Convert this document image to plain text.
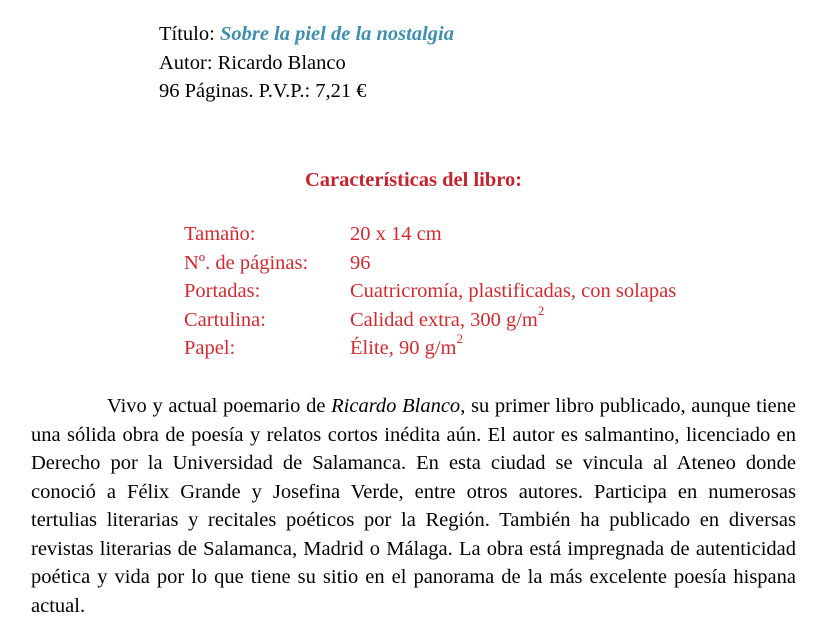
Título: Sobre la piel de la nostalgia
Autor: Ricardo Blanco
96 Páginas. P.V.P.: 7,21 €
Características del libro:
Tamaño:	20 x 14 cm
Nº. de páginas:	96
Portadas:	Cuatricromía, plastificadas, con solapas
Cartulina:	Calidad extra, 300 $g/m^2$
Papel:	Élite, 90 $g/m^2$
Vivo y actual poemario de Ricardo Blanco, su primer libro publicado, aunque tiene una sólida obra de poesía y relatos cortos inédita aún. El autor es salmantino, licenciado en Derecho por la Universidad de Salamanca. En esta ciudad se vincula al Ateneo donde conoció a Félix Grande y Josefina Verde, entre otros autores. Participa en numerosas tertulias literarias y recitales poéticos por la Región. También ha publicado en diversas revistas literarias de Salamanca, Madrid o Málaga. La obra está impregnada de autenticidad poética y vida por lo que tiene su sitio en el panorama de la más excelente poesía hispana actual.
